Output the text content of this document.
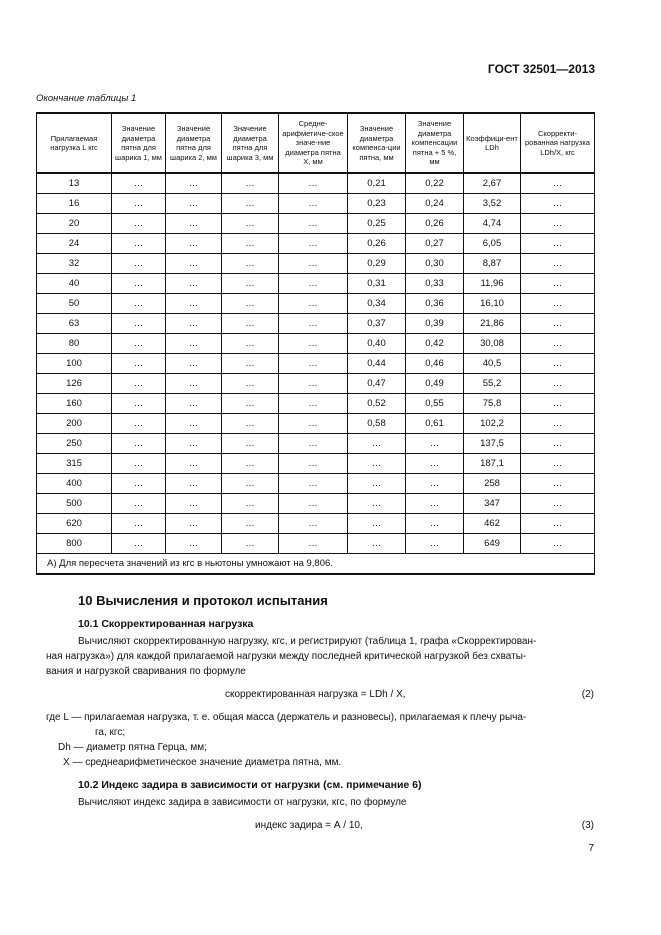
ГОСТ 32501—2013
Окончание таблицы 1
Прилагаемая нагрузка L кгс	Значение диаметра пятна для шарика 1, мм	Значение диаметра пятна для шарика 2, мм	Значение диаметра пятна для шарика 3, мм	Средне-арифметиче-ское значе-ние диаметра пятна X, мм	Значение диаметра компенса-ции пятна, мм	Значение диаметра компенсации пятна + 5 %, мм	Коэффици-ент LDh	Скорректи-рованная нагрузка LDh/X, кгс
13	…	…	…	…	0,21	0,22	2,67	…
16	…	…	…	…	0,23	0,24	3,52	…
20	…	…	…	…	0,25	0,26	4,74	…
24	…	…	…	…	0,26	0,27	6,05	…
32	…	…	…	…	0,29	0,30	8,87	…
40	…	…	…	…	0,31	0,33	11,96	…
50	…	…	…	…	0,34	0,36	16,10	…
63	…	…	…	…	0,37	0,39	21,86	…
80	…	…	…	…	0,40	0,42	30,08	…
100	…	…	…	…	0,44	0,46	40,5	…
126	…	…	…	…	0,47	0,49	55,2	…
160	…	…	…	…	0,52	0,55	75,8	…
200	…	…	…	…	0,58	0,61	102,2	…
250	…	…	…	…	…	…	137,5	…
315	…	…	…	…	…	…	187,1	…
400	…	…	…	…	…	…	258	…
500	…	…	…	…	…	…	347	…
620	…	…	…	…	…	…	462	…
800	…	…	…	…	…	…	649	…
А) Для пересчета значений из кгс в ньютоны умножают на 9,806.								
10 Вычисления и протокол испытания
10.1 Скорректированная нагрузка
Вычисляют скорректированную нагрузку, кгс, и регистрируют (таблица 1, графа «Скорректирован-
ная нагрузка») для каждой прилагаемой нагрузки между последней критической нагрузкой без схваты-
вания и нагрузкой сваривания по формуле
скорректированная нагрузка = LDh / X,	(2)
где L — прилагаемая нагрузка, т. е. общая масса (держатель и разновесы), прилагаемая к плечу рыча-
га, кгс;
Dh — диаметр пятна Герца, мм;
X — среднеарифметическое значение диаметра пятна, мм.
10.2 Индекс задира в зависимости от нагрузки (см. примечание 6)
Вычисляют индекс задира в зависимости от нагрузки, кгс, по формуле
индекс задира = А / 10,	(3)
7
